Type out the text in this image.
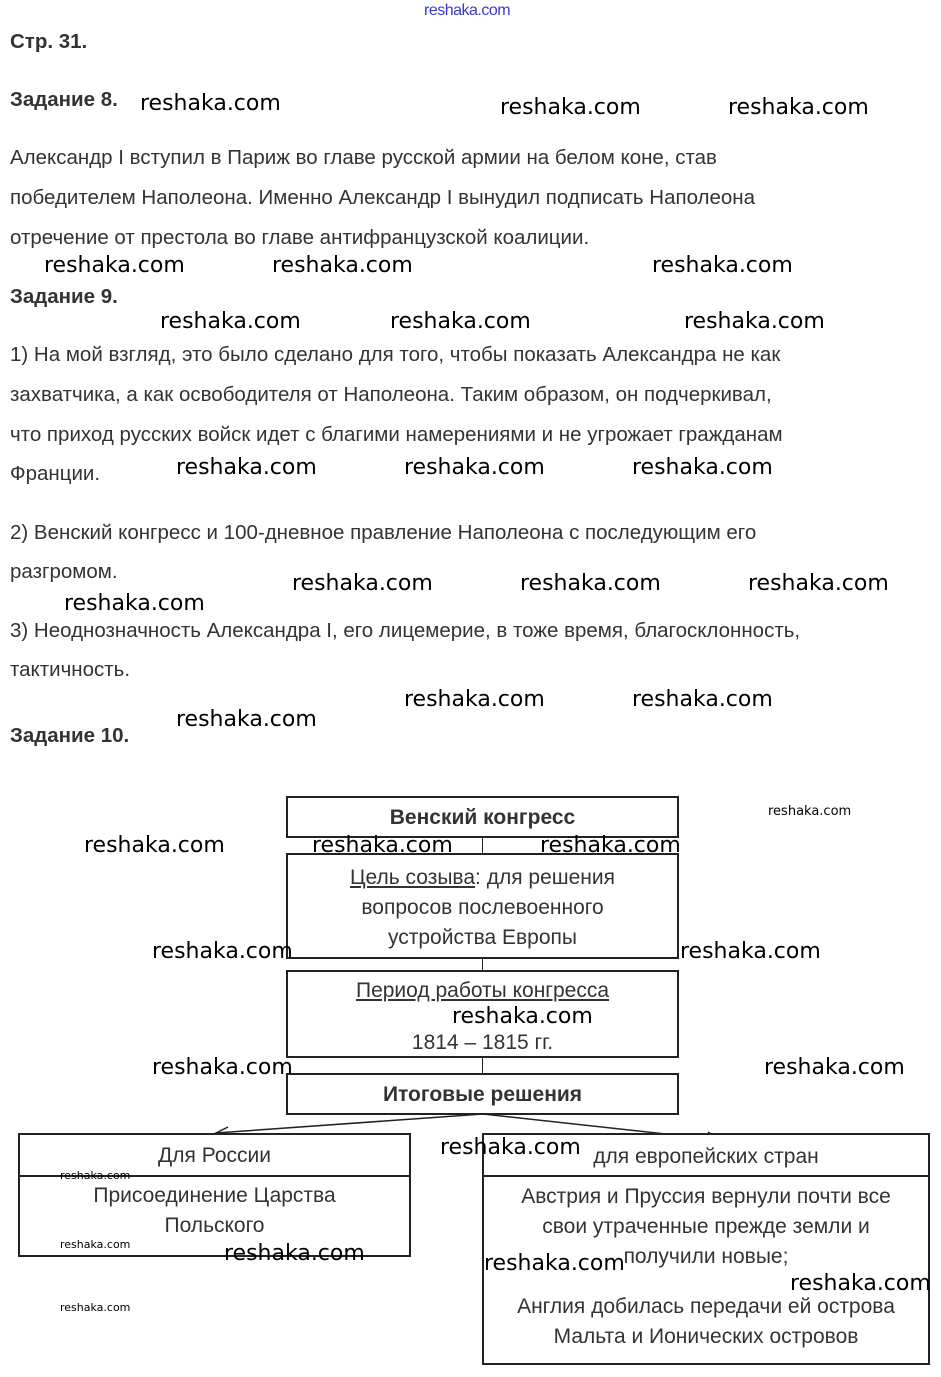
Стр. 31.
Задание 8.
Александр I вступил в Париж во главе русской армии на белом коне, став
победителем Наполеона. Именно Александр I вынудил подписать Наполеона
отречение от престола во главе антифранцузской коалиции.
Задание 9.
1) На мой взгляд, это было сделано для того, чтобы показать Александра не как
захватчика, а как освободителя от Наполеона. Таким образом, он подчеркивал,
что приход русских войск идет с благими намерениями и не угрожает гражданам
Франции.
2) Венский конгресс и 100-дневное правление Наполеона с последующим его
разгромом.
3) Неоднозначность Александра I, его лицемерие, в тоже время, благосклонность,
тактичность.
Задание 10.
Венский конгресс
Цель созыва: для решения
вопросов послевоенного
устройства Европы
Период работы конгресса
1814 – 1815 гг.
Итоговые решения
Для России
Присоединение Царства
Польского
для европейских стран
Австрия и Пруссия вернули почти все
свои утраченные прежде земли и
получили новые;
Англия добилась передачи ей острова
Мальта и Ионических островов
reshaka.com
reshaka.com	reshaka.com	reshaka.com
reshaka.com	reshaka.com	reshaka.com
reshaka.com	reshaka.com	reshaka.com
reshaka.com	reshaka.com	reshaka.com
reshaka.com	reshaka.com	reshaka.com
reshaka.com
reshaka.com	reshaka.com
reshaka.com
reshaka.com	reshaka.com	reshaka.com
reshaka.com
reshaka.com	reshaka.com
reshaka.com
reshaka.com	reshaka.com
reshaka.com
reshaka.com	reshaka.com
reshaka.com
reshaka.com
reshaka.com
reshaka.com
